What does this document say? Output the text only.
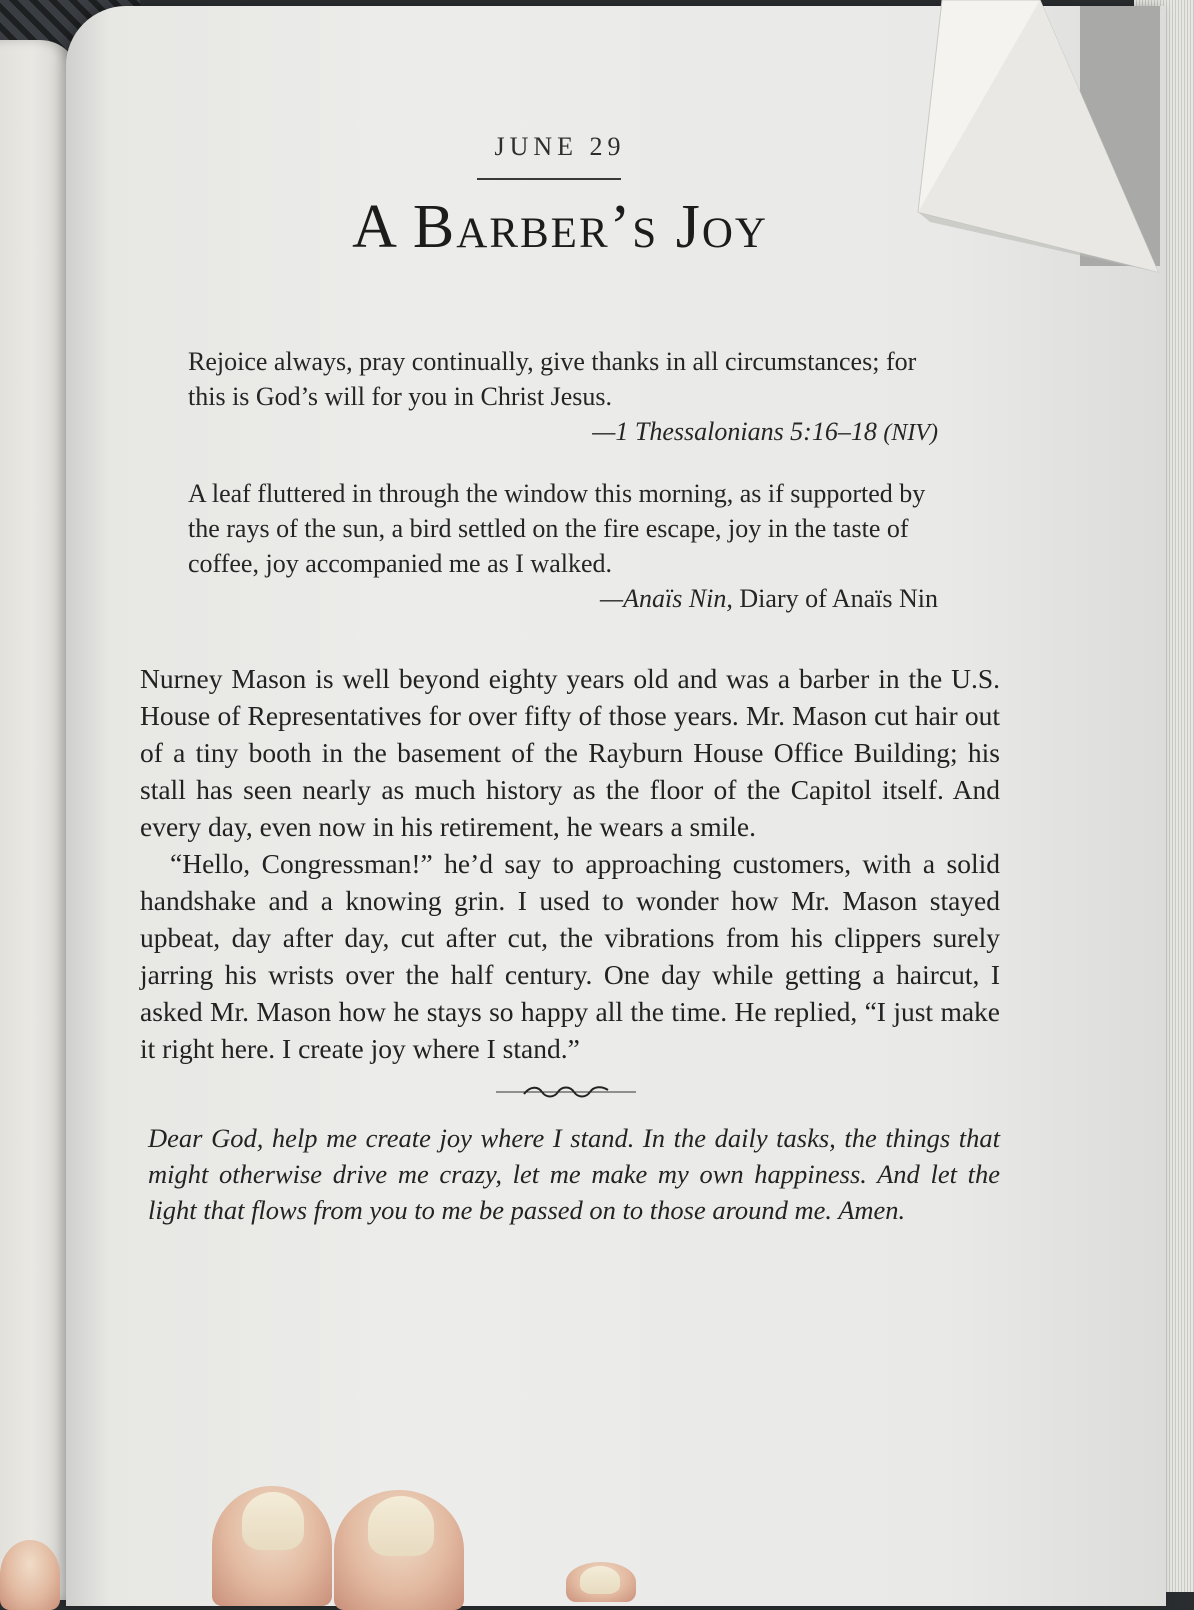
JUNE 29
A Barber’s Joy
Rejoice always, pray continually, give thanks in all circumstances; for this is God’s will for you in Christ Jesus.
—1 Thessalonians 5:16–18 (NIV)
A leaf fluttered in through the window this morning, as if supported by the rays of the sun, a bird settled on the fire escape, joy in the taste of coffee, joy accompanied me as I walked.
—Anaïs Nin, Diary of Anaïs Nin

Nurney Mason is well beyond eighty years old and was a barber in the U.S. House of Representatives for over fifty of those years. Mr. Mason cut hair out of a tiny booth in the basement of the Rayburn House Office Building; his stall has seen nearly as much history as the floor of the Capitol itself. And every day, even now in his retirement, he wears a smile.

“Hello, Congressman!” he’d say to approaching customers, with a solid handshake and a knowing grin. I used to wonder how Mr. Mason stayed upbeat, day after day, cut after cut, the vibrations from his clippers surely jarring his wrists over the half century. One day while getting a haircut, I asked Mr. Mason how he stays so happy all the time. He replied, “I just make it right here. I create joy where I stand.”

Dear God, help me create joy where I stand. In the daily tasks, the things that might otherwise drive me crazy, let me make my own happiness. And let the light that flows from you to me be passed on to those around me. Amen.
